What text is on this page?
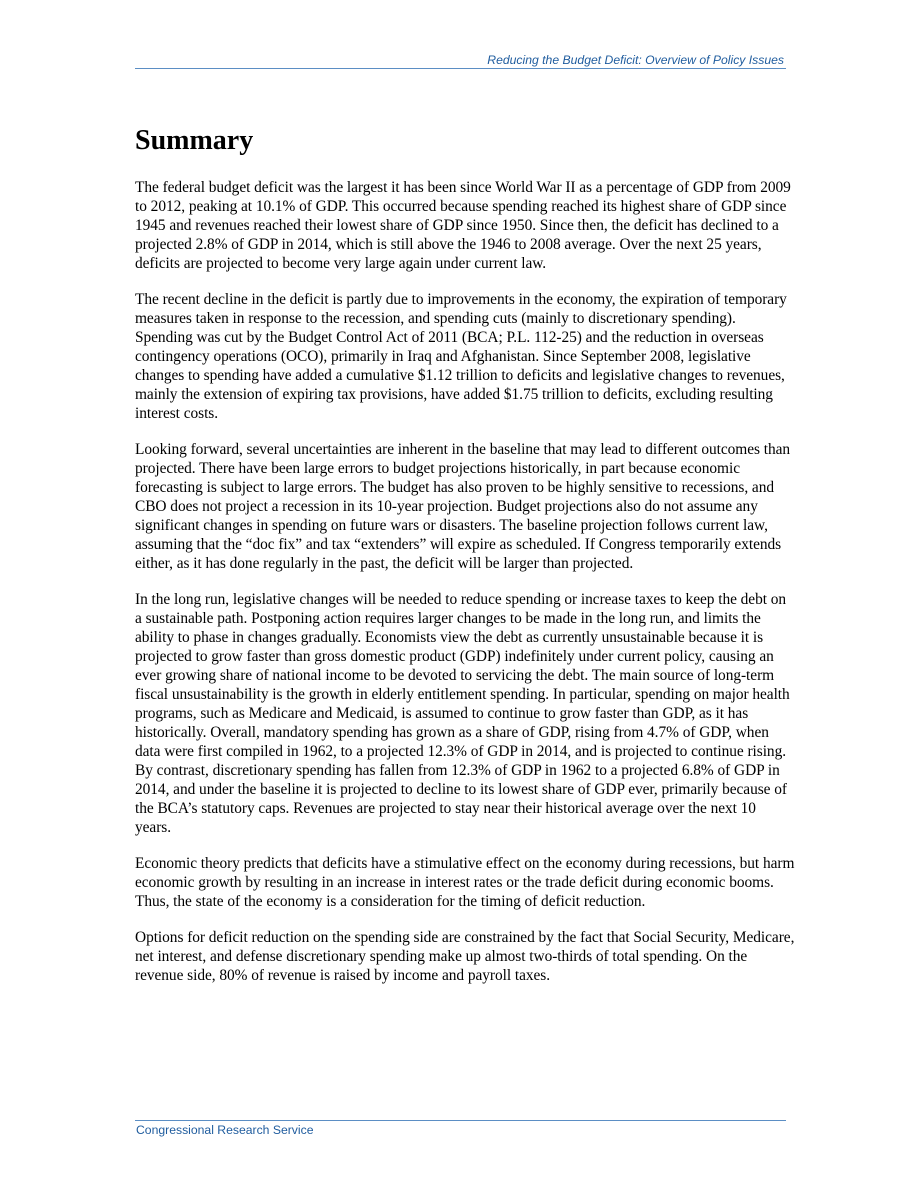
Reducing the Budget Deficit: Overview of Policy Issues
Summary

The federal budget deficit was the largest it has been since World War II as a percentage of GDP from 2009 to 2012, peaking at 10.1% of GDP. This occurred because spending reached its highest share of GDP since 1945 and revenues reached their lowest share of GDP since 1950. Since then, the deficit has declined to a projected 2.8% of GDP in 2014, which is still above the 1946 to 2008 average. Over the next 25 years, deficits are projected to become very large again under current law.

The recent decline in the deficit is partly due to improvements in the economy, the expiration of temporary measures taken in response to the recession, and spending cuts (mainly to discretionary spending). Spending was cut by the Budget Control Act of 2011 (BCA; P.L. 112-25) and the reduction in overseas contingency operations (OCO), primarily in Iraq and Afghanistan. Since September 2008, legislative changes to spending have added a cumulative $1.12 trillion to deficits and legislative changes to revenues, mainly the extension of expiring tax provisions, have added $1.75 trillion to deficits, excluding resulting interest costs.

Looking forward, several uncertainties are inherent in the baseline that may lead to different outcomes than projected. There have been large errors to budget projections historically, in part because economic forecasting is subject to large errors. The budget has also proven to be highly sensitive to recessions, and CBO does not project a recession in its 10-year projection. Budget projections also do not assume any significant changes in spending on future wars or disasters. The baseline projection follows current law, assuming that the “doc fix” and tax “extenders” will expire as scheduled. If Congress temporarily extends either, as it has done regularly in the past, the deficit will be larger than projected.

In the long run, legislative changes will be needed to reduce spending or increase taxes to keep the debt on a sustainable path. Postponing action requires larger changes to be made in the long run, and limits the ability to phase in changes gradually. Economists view the debt as currently unsustainable because it is projected to grow faster than gross domestic product (GDP) indefinitely under current policy, causing an ever growing share of national income to be devoted to servicing the debt. The main source of long-term fiscal unsustainability is the growth in elderly entitlement spending. In particular, spending on major health programs, such as Medicare and Medicaid, is assumed to continue to grow faster than GDP, as it has historically. Overall, mandatory spending has grown as a share of GDP, rising from 4.7% of GDP, when data were first compiled in 1962, to a projected 12.3% of GDP in 2014, and is projected to continue rising. By contrast, discretionary spending has fallen from 12.3% of GDP in 1962 to a projected 6.8% of GDP in 2014, and under the baseline it is projected to decline to its lowest share of GDP ever, primarily because of the BCA’s statutory caps. Revenues are projected to stay near their historical average over the next 10 years.

Economic theory predicts that deficits have a stimulative effect on the economy during recessions, but harm economic growth by resulting in an increase in interest rates or the trade deficit during economic booms. Thus, the state of the economy is a consideration for the timing of deficit reduction.

Options for deficit reduction on the spending side are constrained by the fact that Social Security, Medicare, net interest, and defense discretionary spending make up almost two-thirds of total spending. On the revenue side, 80% of revenue is raised by income and payroll taxes.

Congressional Research Service
